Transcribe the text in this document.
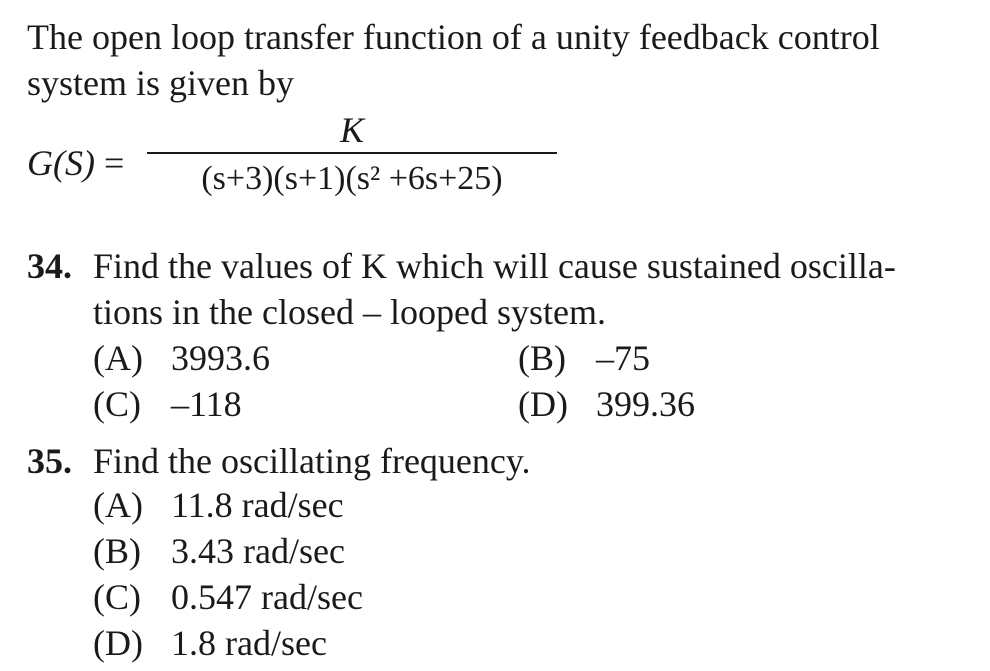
The open loop transfer function of a unity feedback control
system is given by
G(S) =
K
(s+3)(s+1)(s² +6s+25)
34. Find the values of K which will cause sustained oscilla-
tions in the closed – looped system.
(A) 3993.6	(B) –75
(C) –118	(D) 399.36
35. Find the oscillating frequency.
(A) 11.8 rad/sec
(B) 3.43 rad/sec
(C) 0.547 rad/sec
(D) 1.8 rad/sec
